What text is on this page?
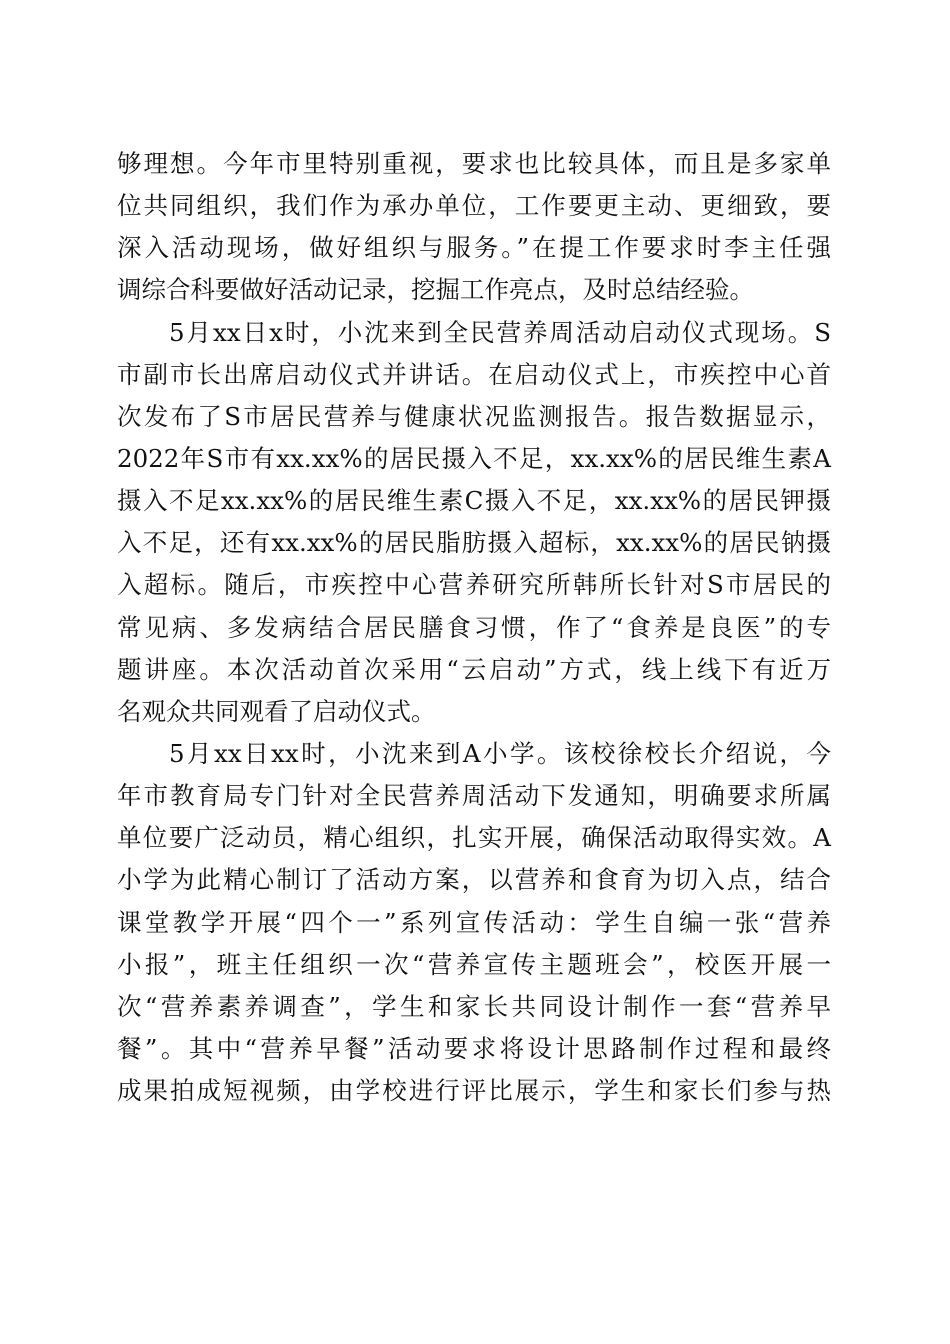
够理想。今年市里特别重视，要求也比较具体，而且是多家单
位共同组织，我们作为承办单位，工作要更主动、更细致，要
深入活动现场，做好组织与服务。”在提工作要求时李主任强
调综合科要做好活动记录，挖掘工作亮点，及时总结经验。
5月xx日x时，小沈来到全民营养周活动启动仪式现场。S
市副市长出席启动仪式并讲话。在启动仪式上，市疾控中心首
次发布了S市居民营养与健康状况监测报告。报告数据显示，
2022年S市有xx.xx%的居民摄入不足，xx.xx%的居民维生素A
摄入不足xx.xx%的居民维生素C摄入不足，xx.xx%的居民钾摄
入不足，还有xx.xx%的居民脂肪摄入超标，xx.xx%的居民钠摄
入超标。随后，市疾控中心营养研究所韩所长针对S市居民的
常见病、多发病结合居民膳食习惯，作了“食养是良医”的专
题讲座。本次活动首次采用“云启动”方式，线上线下有近万
名观众共同观看了启动仪式。
5月xx日xx时，小沈来到A小学。该校徐校长介绍说，今
年市教育局专门针对全民营养周活动下发通知，明确要求所属
单位要广泛动员，精心组织，扎实开展，确保活动取得实效。A
小学为此精心制订了活动方案，以营养和食育为切入点，结合
课堂教学开展“四个一”系列宣传活动：学生自编一张“营养
小报”，班主任组织一次“营养宣传主题班会”，校医开展一
次“营养素养调查”，学生和家长共同设计制作一套“营养早
餐”。其中“营养早餐”活动要求将设计思路制作过程和最终
成果拍成短视频，由学校进行评比展示，学生和家长们参与热
